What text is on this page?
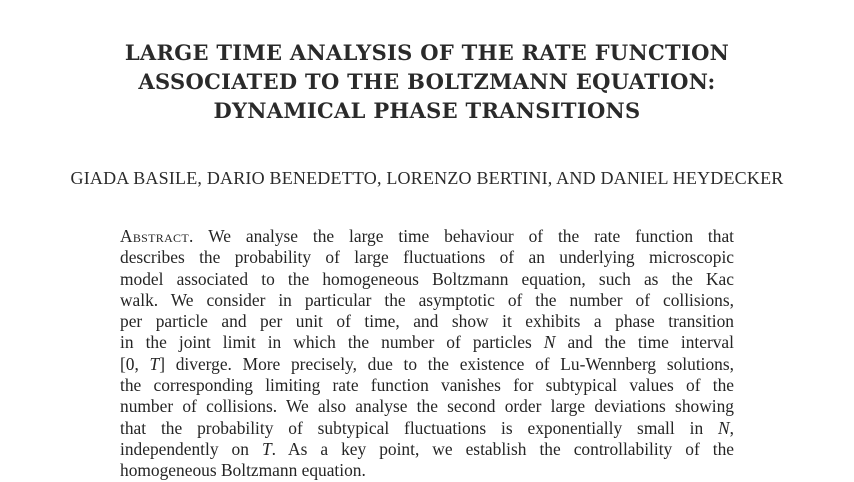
LARGE TIME ANALYSIS OF THE RATE FUNCTION
ASSOCIATED TO THE BOLTZMANN EQUATION:
DYNAMICAL PHASE TRANSITIONS
GIADA BASILE, DARIO BENEDETTO, LORENZO BERTINI, AND DANIEL HEYDECKER
Abstract. We analyse the large time behaviour of the rate function that
describes the probability of large fluctuations of an underlying microscopic
model associated to the homogeneous Boltzmann equation, such as the Kac
walk. We consider in particular the asymptotic of the number of collisions,
per particle and per unit of time, and show it exhibits a phase transition
in the joint limit in which the number of particles N and the time interval
[0, T] diverge. More precisely, due to the existence of Lu-Wennberg solutions,
the corresponding limiting rate function vanishes for subtypical values of the
number of collisions. We also analyse the second order large deviations showing
that the probability of subtypical fluctuations is exponentially small in N,
independently on T. As a key point, we establish the controllability of the
homogeneous Boltzmann equation.
